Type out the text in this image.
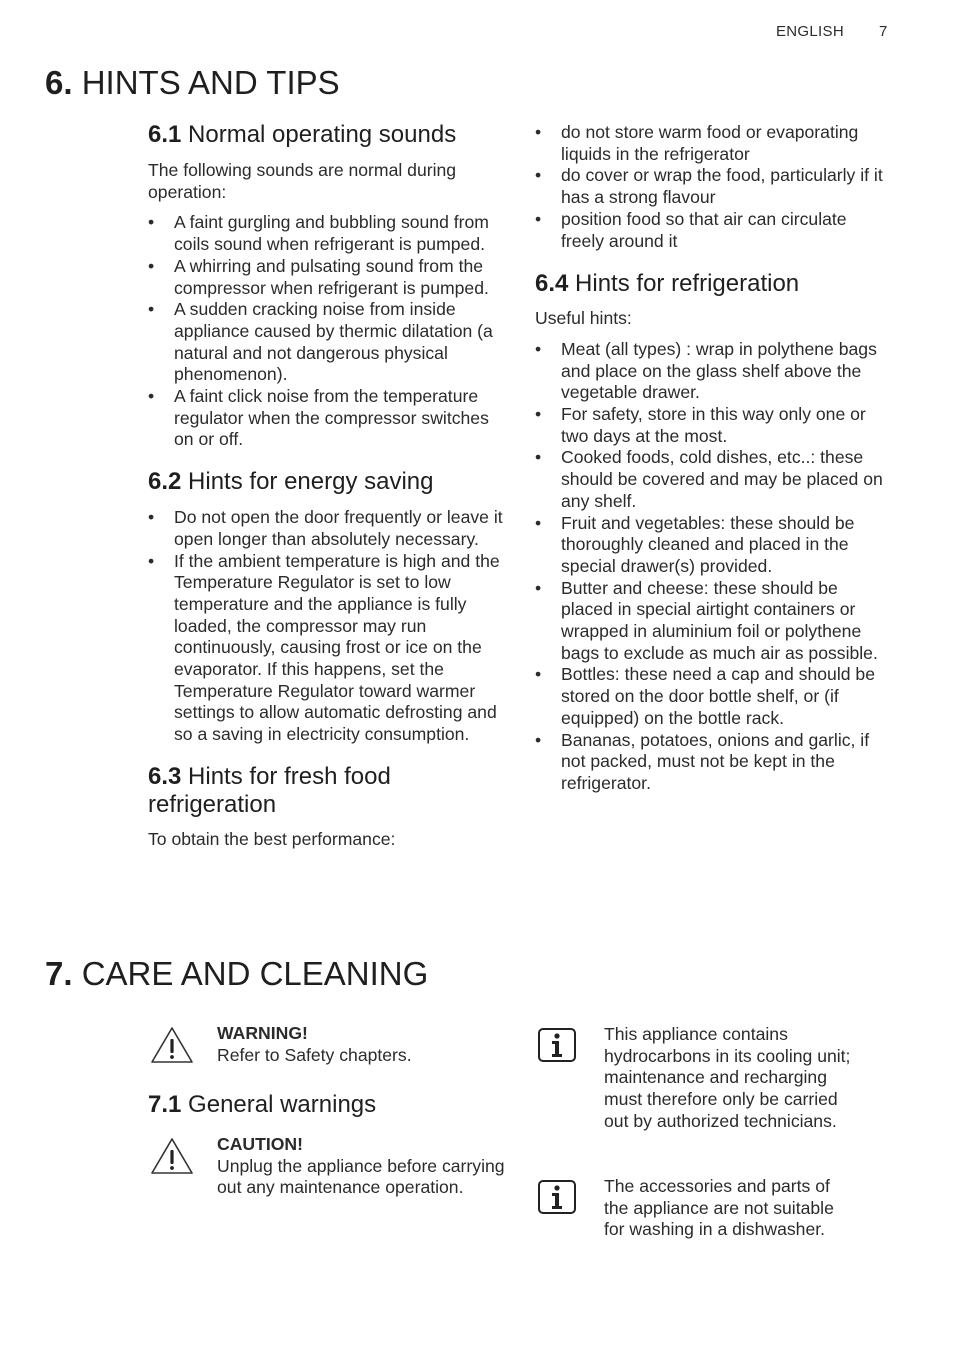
ENGLISH 7
6. HINTS AND TIPS
6.1 Normal operating sounds

The following sounds are normal during operation:

• A faint gurgling and bubbling sound from coils sound when refrigerant is pumped.
• A whirring and pulsating sound from the compressor when refrigerant is pumped.
• A sudden cracking noise from inside appliance caused by thermic dilatation (a natural and not dangerous physical phenomenon).
• A faint click noise from the temperature regulator when the compressor switches on or off.
6.2 Hints for energy saving
• Do not open the door frequently or leave it open longer than absolutely necessary.
• If the ambient temperature is high and the Temperature Regulator is set to low temperature and the appliance is fully loaded, the compressor may run continuously, causing frost or ice on the evaporator. If this happens, set the Temperature Regulator toward warmer settings to allow automatic defrosting and so a saving in electricity consumption.
6.3 Hints for fresh food refrigeration

To obtain the best performance:

• do not store warm food or evaporating liquids in the refrigerator
• do cover or wrap the food, particularly if it has a strong flavour
• position food so that air can circulate freely around it
6.4 Hints for refrigeration

Useful hints:

• Meat (all types) : wrap in polythene bags and place on the glass shelf above the vegetable drawer.
• For safety, store in this way only one or two days at the most.
• Cooked foods, cold dishes, etc..: these should be covered and may be placed on any shelf.
• Fruit and vegetables: these should be thoroughly cleaned and placed in the special drawer(s) provided.
• Butter and cheese: these should be placed in special airtight containers or wrapped in aluminium foil or polythene bags to exclude as much air as possible.
• Bottles: these need a cap and should be stored on the door bottle shelf, or (if equipped) on the bottle rack.
• Bananas, potatoes, onions and garlic, if not packed, must not be kept in the refrigerator.
7. CARE AND CLEANING
WARNING!
Refer to Safety chapters.
7.1 General warnings
CAUTION!
Unplug the appliance before carrying out any maintenance operation.
This appliance contains hydrocarbons in its cooling unit; maintenance and recharging must therefore only be carried out by authorized technicians.
The accessories and parts of the appliance are not suitable for washing in a dishwasher.
